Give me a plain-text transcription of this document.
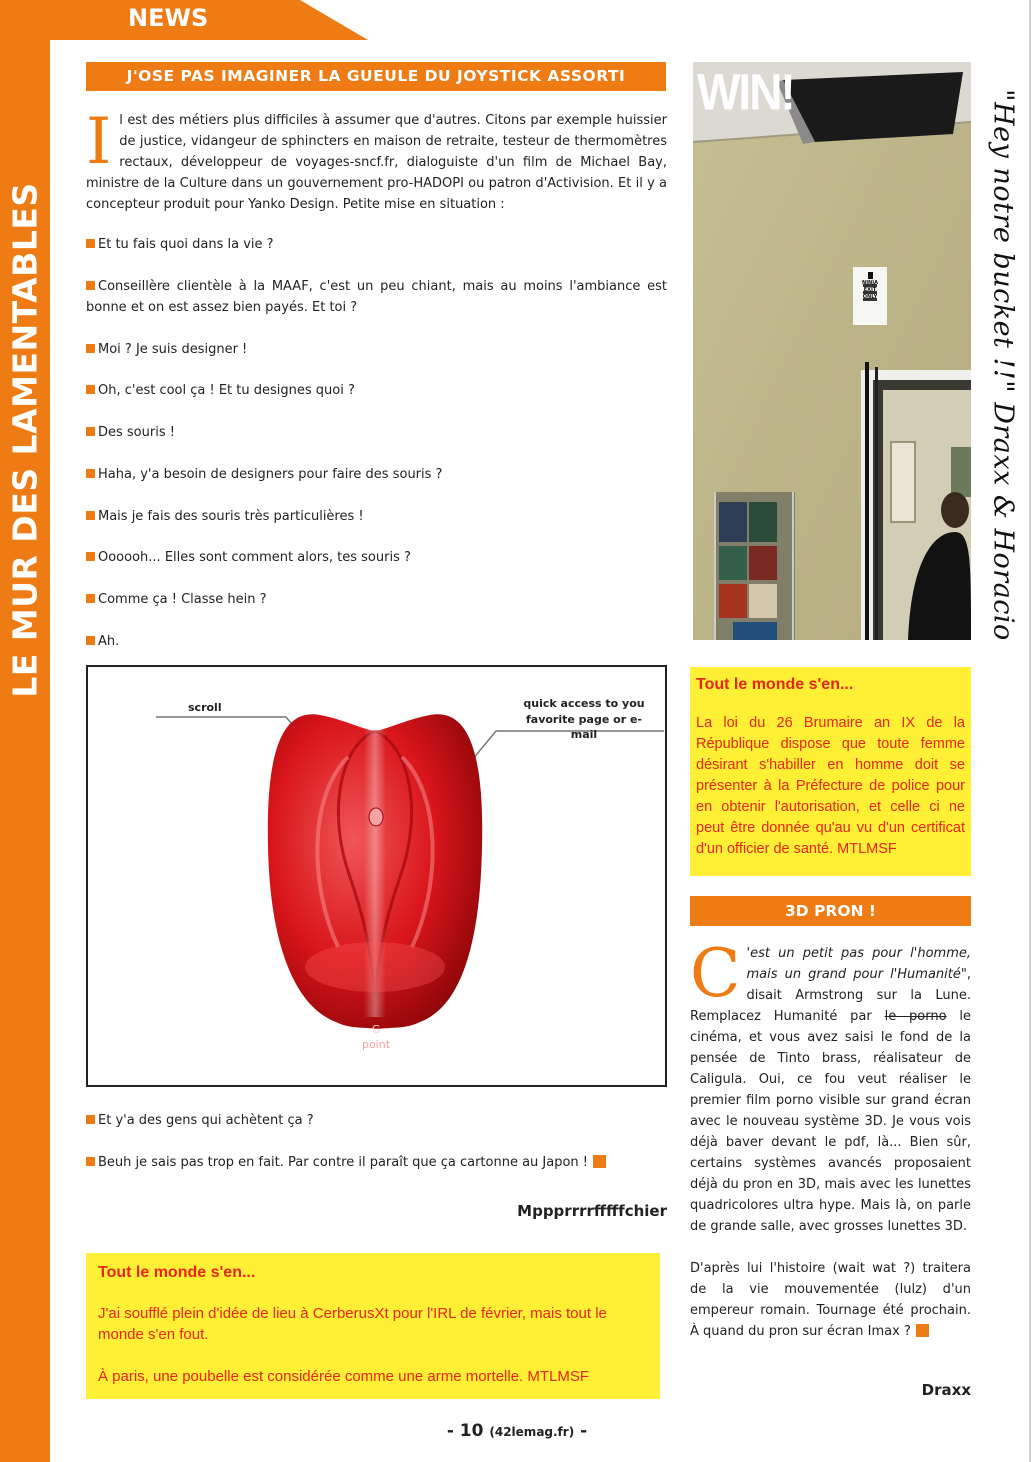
LE MUR DES LAMENTABLES
NEWS
J'OSE PAS IMAGINER LA GUEULE DU JOYSTICK ASSORTI
Il est des métiers plus difficiles à assumer que d'autres. Citons par exemple huissier de justice, vidangeur de sphincters en maison de retraite, testeur de thermomètres rectaux, développeur de voyages-sncf.fr, dialoguiste d'un film de Michael Bay, ministre de la Culture dans un gouvernement pro-HADOPI ou patron d'Activision. Et il y a concepteur produit pour Yanko Design. Petite mise en situation :
Et tu fais quoi dans la vie ?
Conseillère clientèle à la MAAF, c'est un peu chiant, mais au moins l'ambiance est bonne et on est assez bien payés. Et toi ?
Moi ? Je suis designer !
Oh, c'est cool ça ! Et tu designes quoi ?
Des souris !
Haha, y'a besoin de designers pour faire des souris ?
Mais je fais des souris très particulières !
Oooooh... Elles sont comment alors, tes souris ?
Comme ça ! Classe hein ?
Ah.
scroll	quick access to you
favorite page or e-mail
G
point
Et y'a des gens qui achètent ça ?
Beuh je sais pas trop en fait. Par contre il paraît que ça cartonne au Japon !
Mppprrrrfffffchier
Tout le monde s'en...
J'ai soufflé plein d'idée de lieu à CerberusXt pour l'IRL de février, mais tout le monde s'en fout.
À paris, une poubelle est considérée comme une arme mortelle. MTLMSF
WIN!
NINJA
EXIT
ONLY	"Hey notre bucket !!" Draxx & Horacio
Tout le monde s'en...
La loi du 26 Brumaire an IX de la République dispose que toute femme désirant s'habiller en homme doit se présenter à la Préfecture de police pour en obtenir l'autorisation, et celle ci ne peut être donnée qu'au vu d'un certificat d'un officier de santé. MTLMSF
3D PRON !
C 'est un petit pas pour l'homme, mais un grand pour l'Humanité", disait Armstrong sur la Lune. Remplacez Humanité par le porno le cinéma, et vous avez saisi le fond de la pensée de Tinto brass, réalisateur de Caligula. Oui, ce fou veut réaliser le premier film porno visible sur grand écran avec le nouveau système 3D. Je vous vois déjà baver devant le pdf, là... Bien sûr, certains systèmes avancés proposaient déjà du pron en 3D, mais avec les lunettes quadricolores ultra hype. Mais là, on parle de grande salle, avec grosses lunettes 3D.
D'après lui l'histoire (wait wat ?) traitera de la vie mouvementée (lulz) d'un empereur romain. Tournage été prochain. À quand du pron sur écran Imax ?
Draxx
- 10 (42lemag.fr) -
